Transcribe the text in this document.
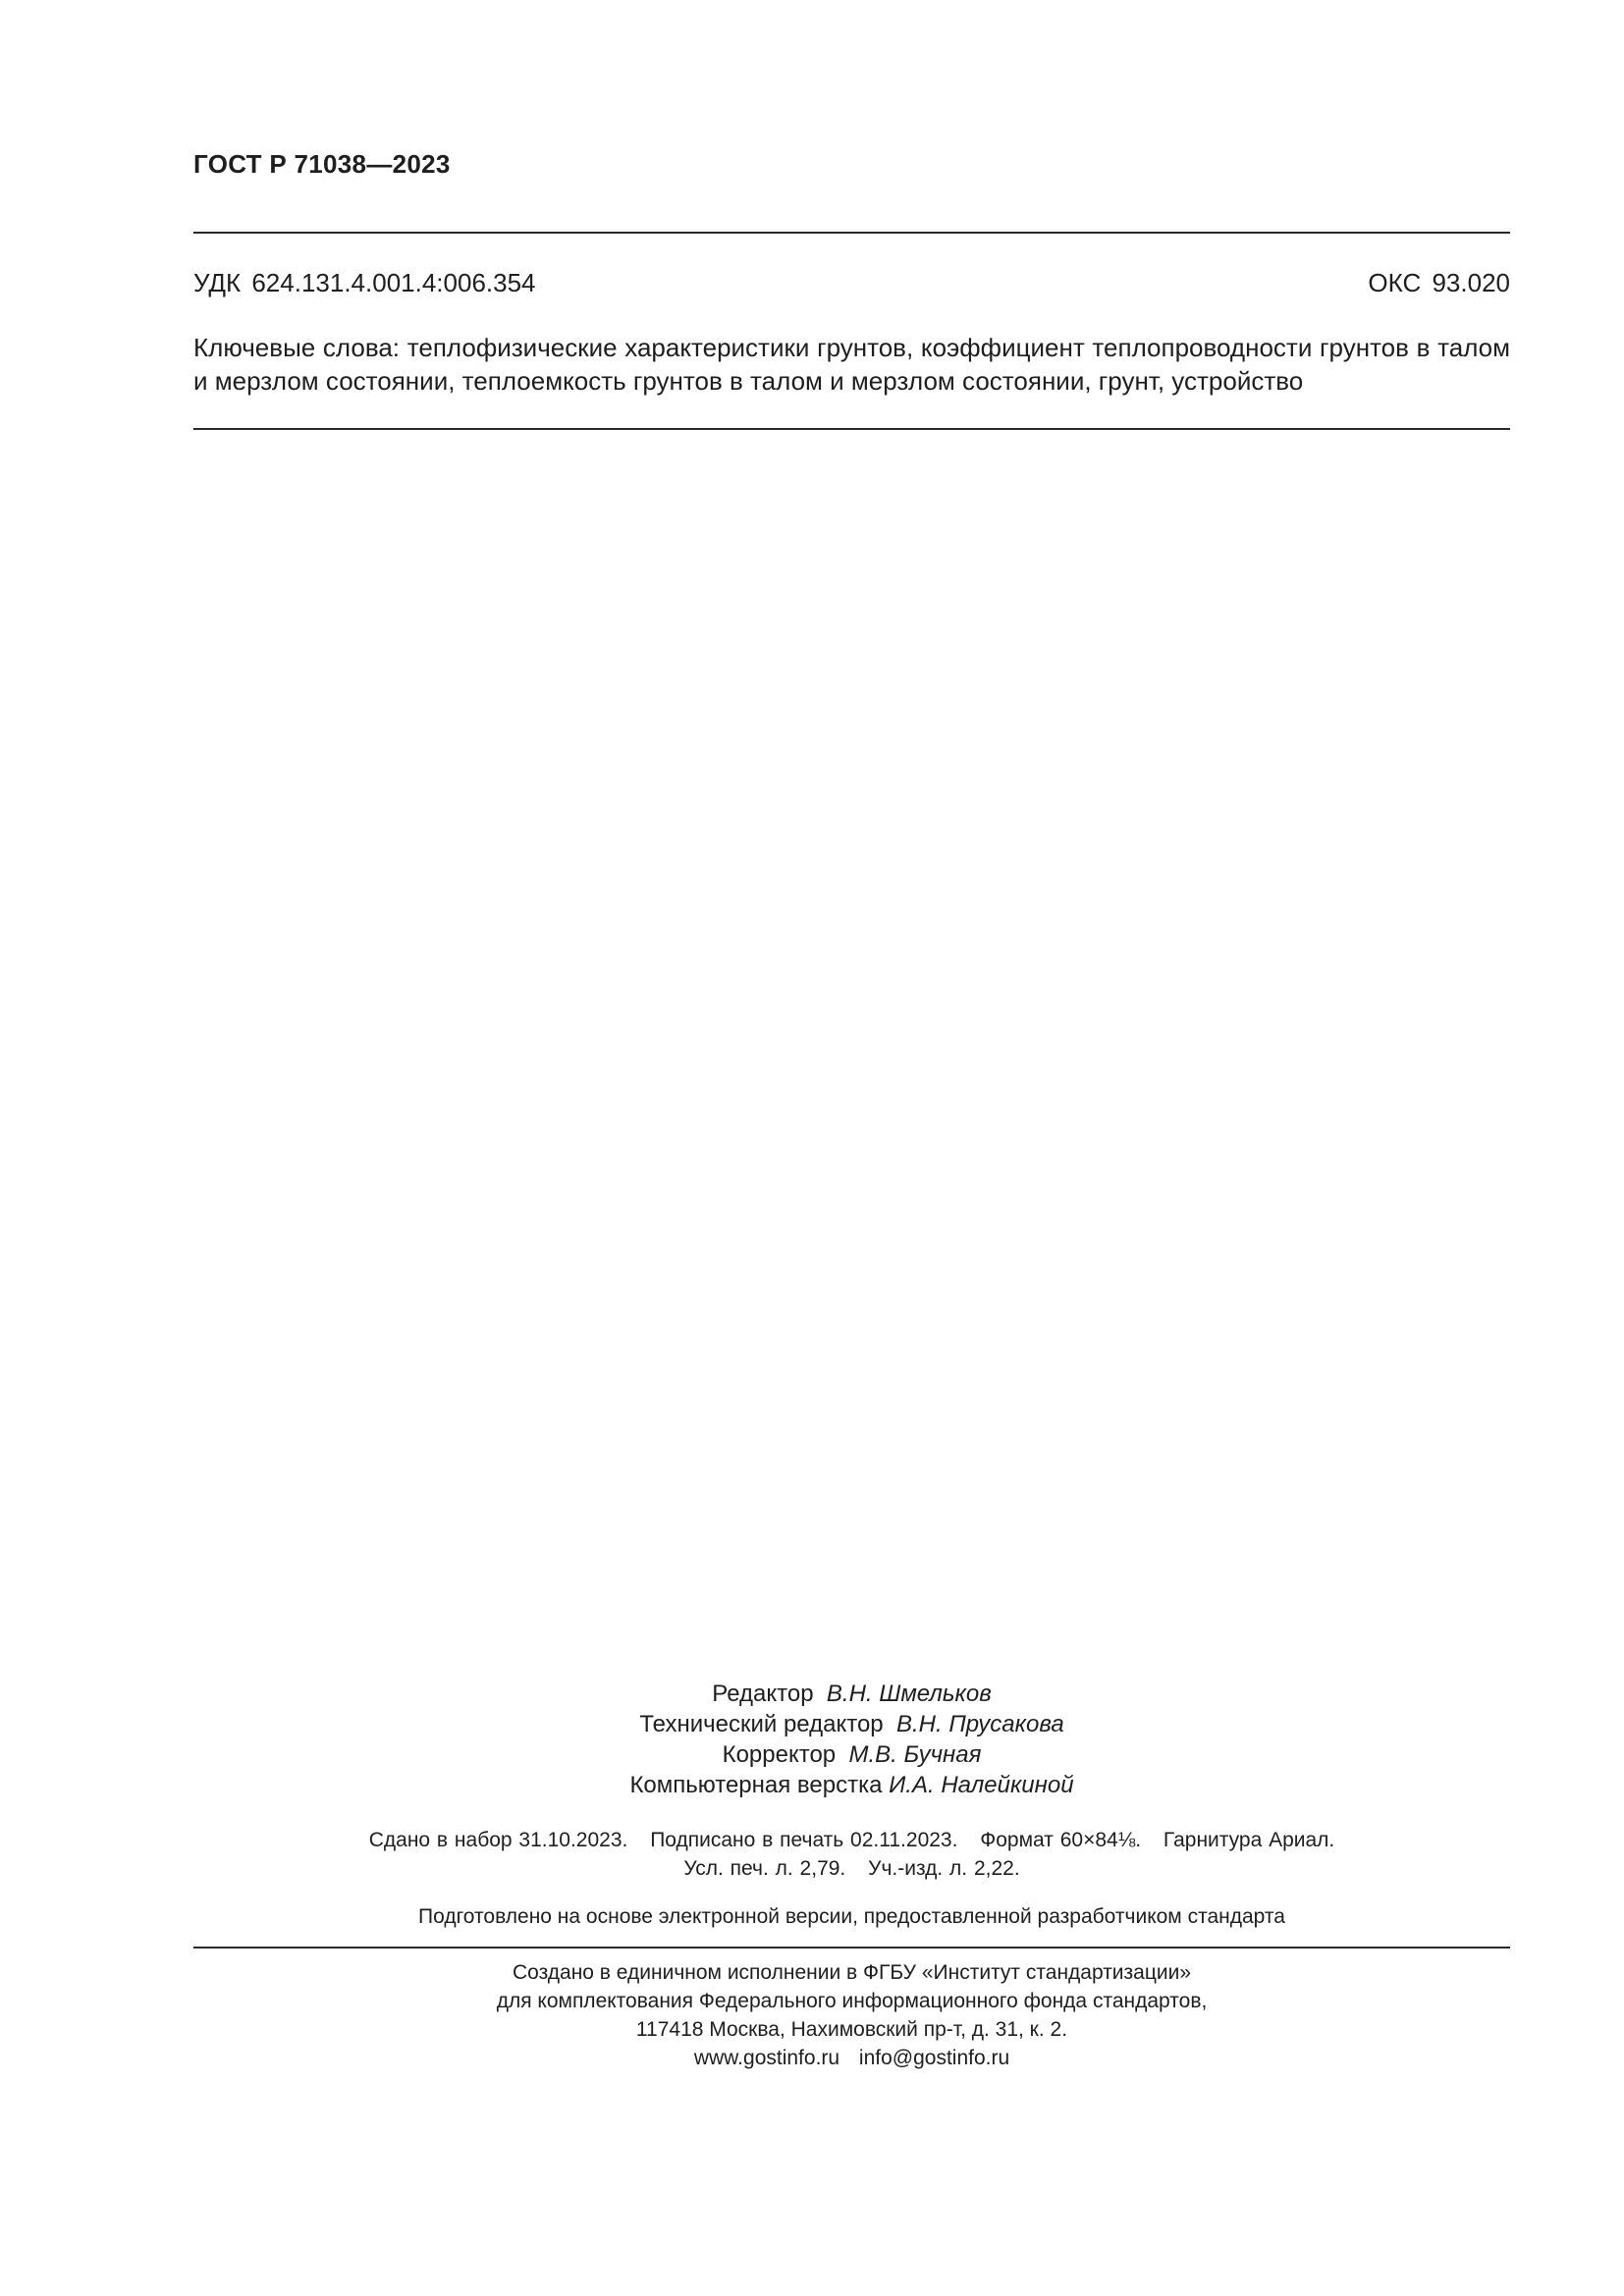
ГОСТ Р 71038—2023
УДК 624.131.4.001.4:006.354	ОКС 93.020
Ключевые слова: теплофизические характеристики грунтов, коэффициент теплопроводности грунтов в талом и мерзлом состоянии, теплоемкость грунтов в талом и мерзлом состоянии, грунт, устройство
Редактор В.Н. Шмельков
Технический редактор В.Н. Прусакова
Корректор М.В. Бучная
Компьютерная верстка И.А. Налейкиной
Сдано в набор 31.10.2023. Подписано в печать 02.11.2023. Формат 60×84⅛. Гарнитура Ариал.
Усл. печ. л. 2,79. Уч.-изд. л. 2,22.
Подготовлено на основе электронной версии, предоставленной разработчиком стандарта
Создано в единичном исполнении в ФГБУ «Институт стандартизации»
для комплектования Федерального информационного фонда стандартов,
117418 Москва, Нахимовский пр-т, д. 31, к. 2.
www.gostinfo.ru info@gostinfo.ru
